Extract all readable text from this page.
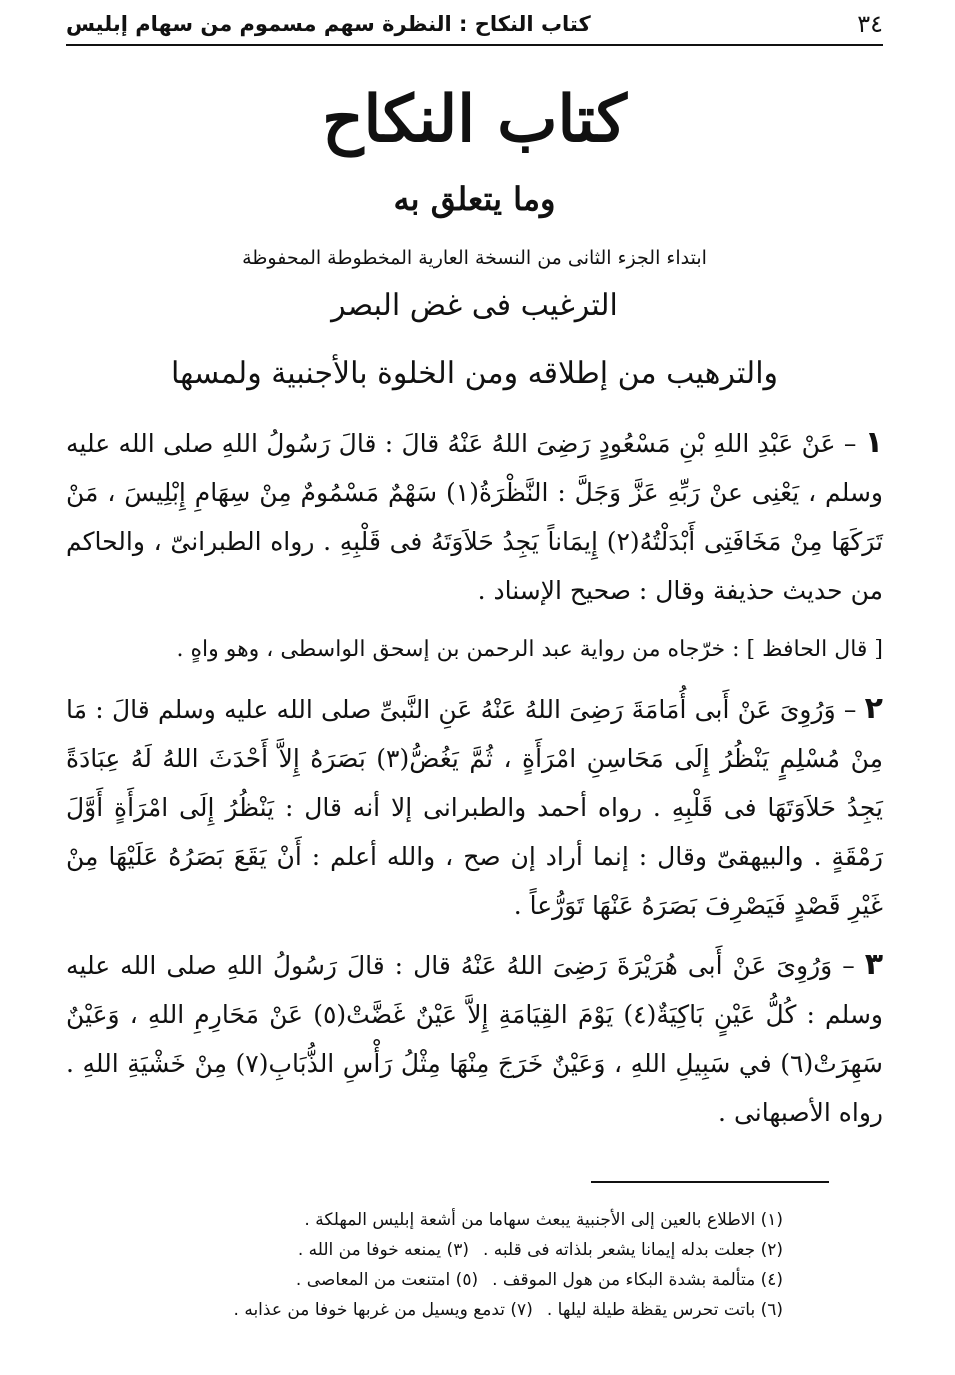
٣٤
كتاب النكاح : النظرة سهم مسموم من سهام إبليس
كتاب النكاح
وما يتعلق به
ابتداء الجزء الثانى من النسخة العارية المخطوطة المحفوظة
الترغيب فى غض البصر
والترهيب من إطلاقه ومن الخلوة بالأجنبية ولمسها

١ – عَنْ عَبْدِ اللهِ بْنِ مَسْعُودٍ رَضِىَ اللهُ عَنْهُ قالَ : قالَ رَسُولُ اللهِ صلى الله عليه وسلم ، يَعْنِى عنْ رَبِّهِ عَزَّ وَجَلَّ : النَّظْرَةُ(١) سَهْمٌ مَسْمُومٌ مِنْ سِهَامِ إِبْلِيسَ ، مَنْ تَرَكَهَا مِنْ مَخَافَتِى أَبْدَلْتُهُ(٢) إِيمَاناً يَجِدُ حَلاَوَتَهُ فى قَلْبِهِ . رواه الطبرانىّ ، والحاكم من حديث حذيفة وقال : صحيح الإسناد .

[ قال الحافظ ] : خرّجاه من رواية عبد الرحمن بن إسحق الواسطى ، وهو واهٍ .

٢ – وَرُوِىَ عَنْ أَبى أُمَامَةَ رَضِىَ اللهُ عَنْهُ عَنِ النَّبىِّ صلى الله عليه وسلم قالَ : مَا مِنْ مُسْلِمٍ يَنْظُرُ إِلَى مَحَاسِنِ امْرَأَةٍ ، ثُمَّ يَغُضُّ(٣) بَصَرَهُ إِلاَّ أَحْدَثَ اللهُ لَهُ عِبَادَةً يَجِدُ حَلاَوَتَهَا فى قَلْبِهِ . رواه أحمد والطبرانى إلا أنه قال : يَنْظُرُ إِلَى امْرَأَةٍ أَوَّلَ رَمْقَةٍ . والبيهقىّ وقال : إنما أراد إن صح ، والله أعلم : أَنْ يَقَعَ بَصَرُهُ عَلَيْهَا مِنْ غَيْرِ قَصْدٍ فَيَصْرِفَ بَصَرَهُ عَنْهَا تَوَرُّعاً .

٣ – وَرُوِىَ عَنْ أَبى هُرَيْرَةَ رَضِىَ اللهُ عَنْهُ قال : قالَ رَسُولُ اللهِ صلى الله عليه وسلم : كُلُّ عَيْنٍ بَاكِيَةٌ(٤) يَوْمَ القِيَامَةِ إِلاَّ عَيْنٌ غَضَّتْ(٥) عَنْ مَحَارِمِ اللهِ ، وَعَيْنٌ سَهِرَتْ(٦) في سَبِيلِ اللهِ ، وَعَيْنٌ خَرَجَ مِنْهَا مِثْلُ رَأْسِ الذُّبَابِ(٧) مِنْ خَشْيَةِ اللهِ . رواه الأصبهانى .

(١) الاطلاع بالعين إلى الأجنبية يبعث سهاما من أشعة إبليس المهلكة .
(٢) جعلت بدله إيمانا يشعر بلذاته فى قلبه .
(٣) يمنعه خوفا من الله .
(٤) متألمة بشدة البكاء من هول الموقف .
(٥) امتنعت من المعاصى .
(٦) باتت تحرس يقظة طيلة ليلها .
(٧) تدمع ويسيل من غربها خوفا من عذابه .
